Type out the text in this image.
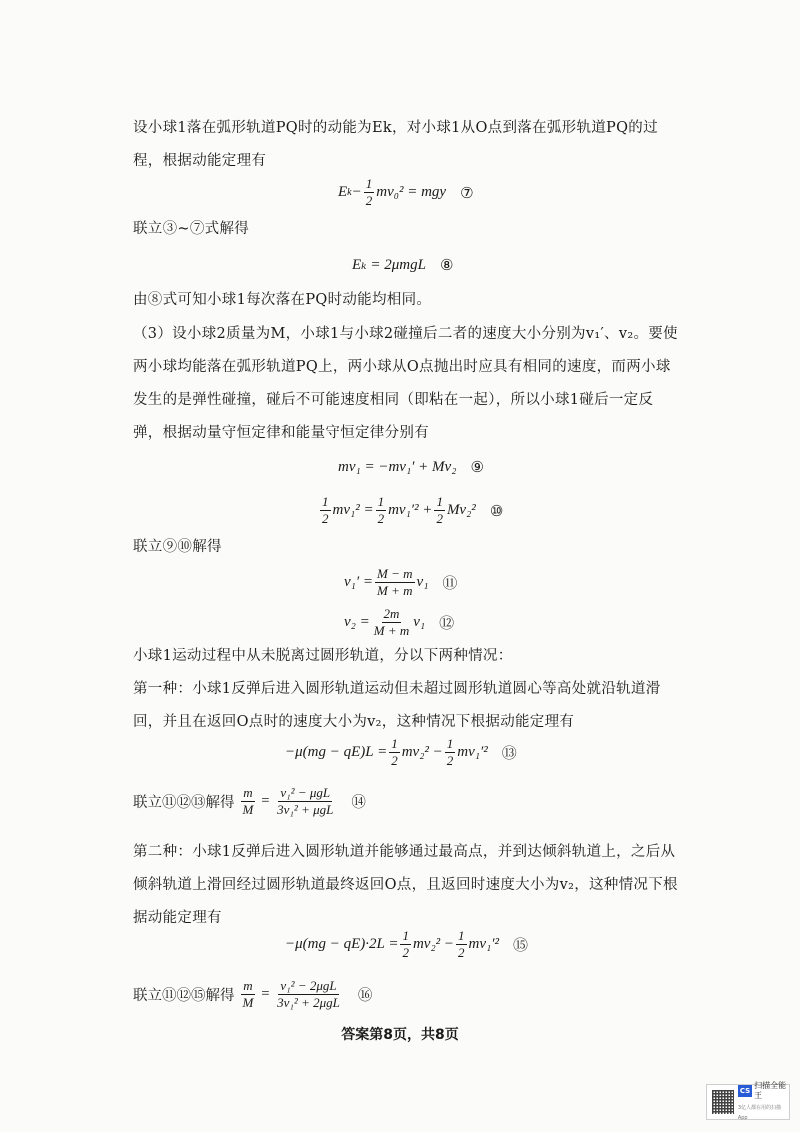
设小球1落在弧形轨道PQ时的动能为Ek，对小球1从O点到落在弧形轨道PQ的过程，根据动能定理有
E $k - \frac{1}{2} mv_0^2$ = mgy ⑦
联立③~⑦式解得
Eₖ = 2μmgL ⑧
由⑧式可知小球1每次落在PQ时动能均相同。
（3）设小球2质量为M，小球1与小球2碰撞后二者的速度大小分别为v₁′、v₂。要使两小球均能落在弧形轨道PQ上，两小球从O点抛出时应具有相同的速度，而两小球发生的是弹性碰撞，碰后不可能速度相同（即粘在一起），所以小球1碰后一定反弹，根据动量守恒定律和能量守恒定律分别有
mv₁ = −mv₁′ + Mv₂ ⑨
$\frac{1}{2} mv_1^2 = \frac{1}{2} mv_1'^2 + \frac{1}{2} Mv_2^2$ ⑩
联立⑨⑩解得
$v_1' = \frac{M - m}{M + m} v_1$ ⑪
$v_2 = \frac{2m}{M + m} v_1$ ⑫
小球1运动过程中从未脱离过圆形轨道，分以下两种情况：
第一种：小球1反弹后进入圆形轨道运动但未超过圆形轨道圆心等高处就沿轨道滑回，并且在返回O点时的速度大小为v₂，这种情况下根据动能定理有
$-\mu(mg - qE)L = \frac{1}{2} mv_2^2 - \frac{1}{2} mv_1'^2$ ⑬
联立⑪⑫⑬解得 $\frac{m}{M} = \frac{\text{v₁² − μgL}}{\text{3v₁² + μgL}}$ ⑭
第二种：小球1反弹后进入圆形轨道并能够通过最高点，并到达倾斜轨道上，之后从倾斜轨道上滑回经过圆形轨道最终返回O点，且返回时速度大小为v₂，这种情况下根据动能定理有
$-\mu(mg - qE)\cdot 2L = \frac{1}{2} mv_2^2 - \frac{1}{2} mv_1'^2$ ⑮
联立⑪⑫⑮解得 $\frac{m}{M} = \frac{\text{v₁² − 2μgL}}{\text{3v₁² + 2μgL}}$ ⑯
答案第8页，共8页
CS
扫描全能王
3亿人都在用的扫描App
